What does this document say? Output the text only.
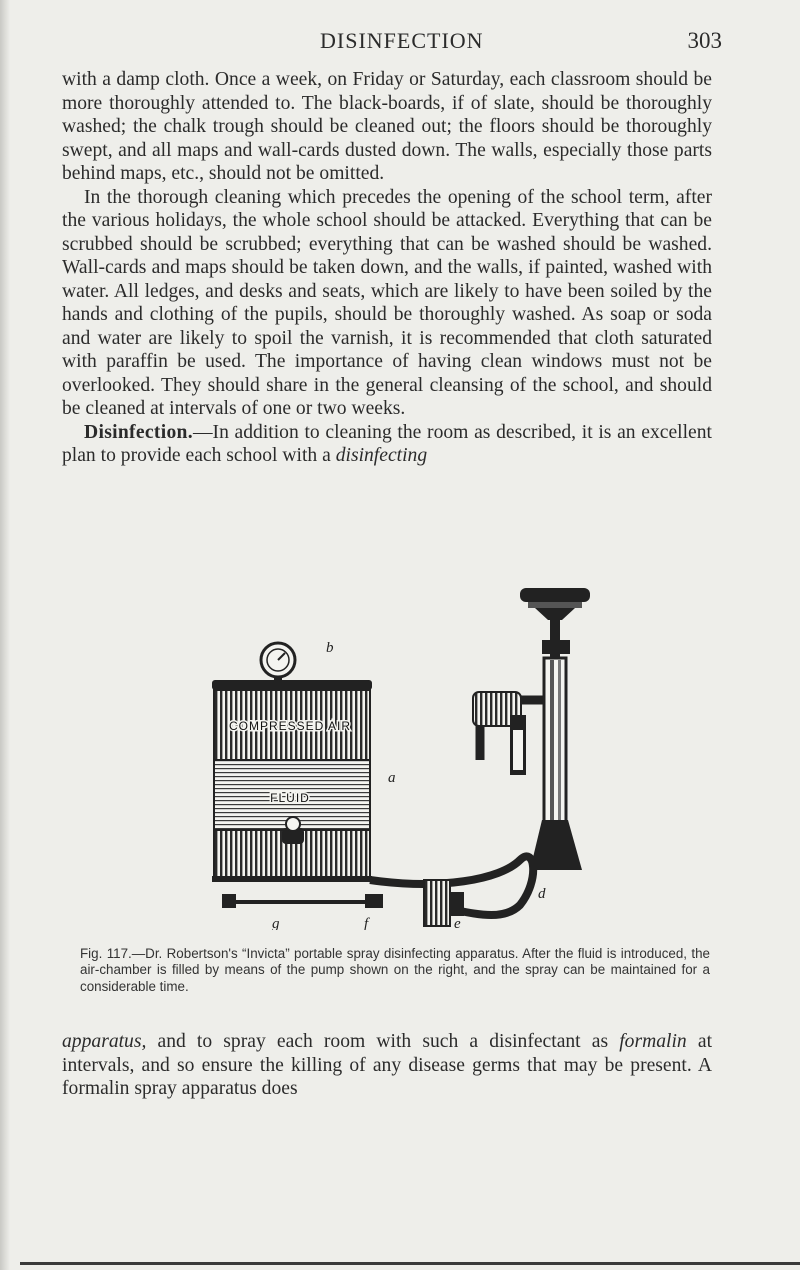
DISINFECTION	303

with a damp cloth. Once a week, on Friday or Saturday, each classroom should be more thoroughly attended to. The black-boards, if of slate, should be thoroughly washed; the chalk trough should be cleaned out; the floors should be thoroughly swept, and all maps and wall-cards dusted down. The walls, especially those parts behind maps, etc., should not be omitted.

In the thorough cleaning which precedes the opening of the school term, after the various holidays, the whole school should be attacked. Everything that can be scrubbed should be scrubbed; everything that can be washed should be washed. Wall-cards and maps should be taken down, and the walls, if painted, washed with water. All ledges, and desks and seats, which are likely to have been soiled by the hands and clothing of the pupils, should be thoroughly washed. As soap or soda and water are likely to spoil the varnish, it is recommended that cloth saturated with paraffin be used. The importance of having clean windows must not be overlooked. They should share in the general cleansing of the school, and should be cleaned at intervals of one or two weeks.

Disinfection.—In addition to cleaning the room as described, it is an excellent plan to provide each school with a disinfecting

COMPRESSED AIR
FLUID
b
a
d
e
f
g
Fig. 117.—Dr. Robertson's “Invicta” portable spray disinfecting apparatus. After the fluid is introduced, the air-chamber is filled by means of the pump shown on the right, and the spray can be maintained for a considerable time.

apparatus, and to spray each room with such a disinfectant as formalin at intervals, and so ensure the killing of any disease germs that may be present. A formalin spray apparatus does
